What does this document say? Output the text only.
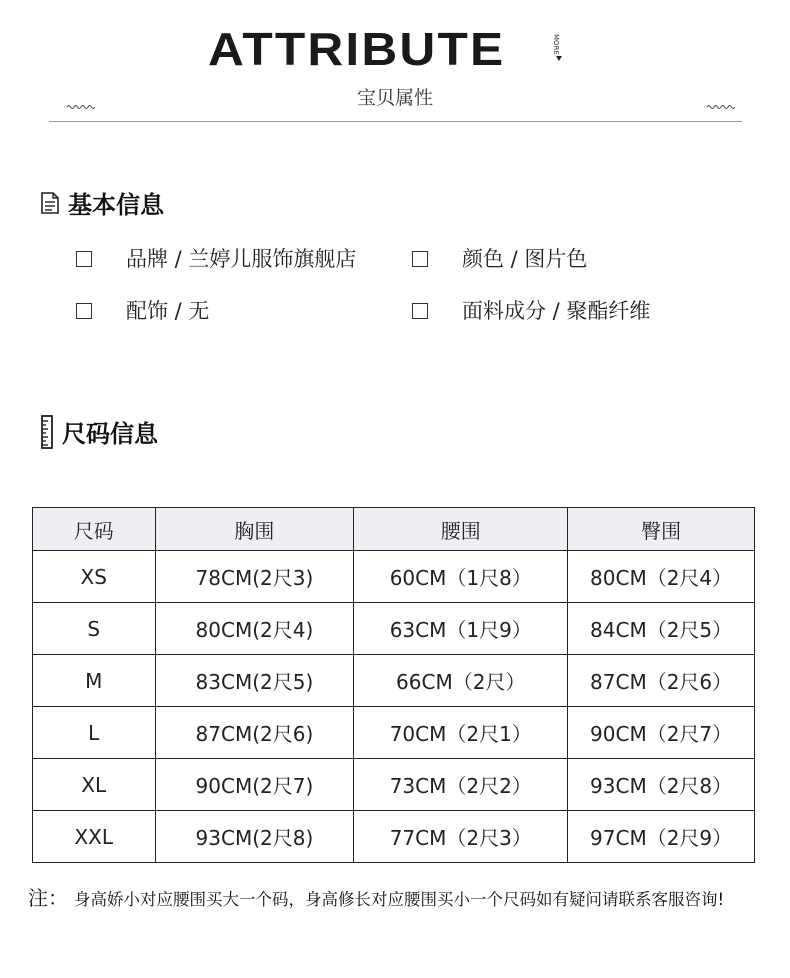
ATTRIBUTE	MORE
宝贝属性
基本信息
品牌 / 兰婷儿服饰旗舰店	颜色 / 图片色
配饰 / 无	面料成分 / 聚酯纤维
尺码信息
尺码	胸围	腰围	臀围
XS	78CM(2尺3)	60CM（1尺8）	80CM（2尺4）
S	80CM(2尺4)	63CM（1尺9）	84CM（2尺5）
M	83CM(2尺5)	66CM（2尺）	87CM（2尺6）
L	87CM(2尺6)	70CM（2尺1）	90CM（2尺7）
XL	90CM(2尺7)	73CM（2尺2）	93CM（2尺8）
XXL	93CM(2尺8)	77CM（2尺3）	97CM（2尺9）
注： 身高娇小对应腰围买大一个码，身高修长对应腰围买小一个尺码如有疑问请联系客服咨询!
